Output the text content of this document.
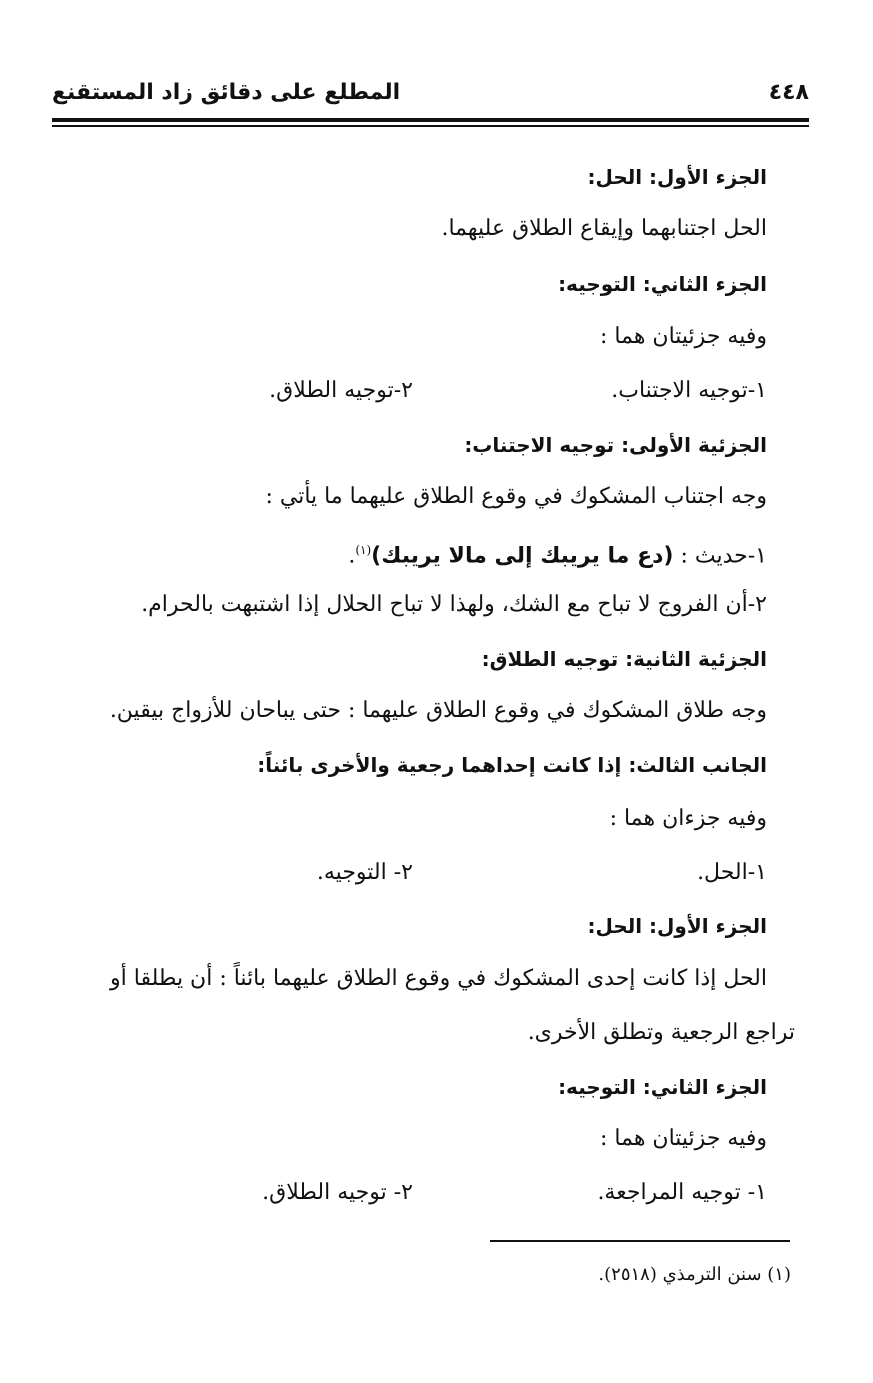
المطلع على دقائق زاد المستقنع	٤٤٨
الجزء الأول: الحل:
الحل اجتنابهما وإيقاع الطلاق عليهما.
الجزء الثاني: التوجيه:
وفيه جزئيتان هما :
١-توجيه الاجتناب.
٢-توجيه الطلاق.
الجزئية الأولى: توجيه الاجتناب:
وجه اجتناب المشكوك في وقوع الطلاق عليهما ما يأتي :
١-حديث : (دع ما يريبك إلى مالا يريبك)$^{(١)}$.
٢-أن الفروج لا تباح مع الشك، ولهذا لا تباح الحلال إذا اشتبهت بالحرام.
الجزئية الثانية: توجيه الطلاق:
وجه طلاق المشكوك في وقوع الطلاق عليهما : حتى يباحان للأزواج بيقين.
الجانب الثالث: إذا كانت إحداهما رجعية والأخرى بائناً:
وفيه جزءان هما :
١-الحل.
٢- التوجيه.
الجزء الأول: الحل:
الحل إذا كانت إحدى المشكوك في وقوع الطلاق عليهما بائناً : أن يطلقا أو
تراجع الرجعية وتطلق الأخرى.
الجزء الثاني: التوجيه:
وفيه جزئيتان هما :
١- توجيه المراجعة.
٢- توجيه الطلاق.
(١) سنن الترمذي (٢٥١٨).
